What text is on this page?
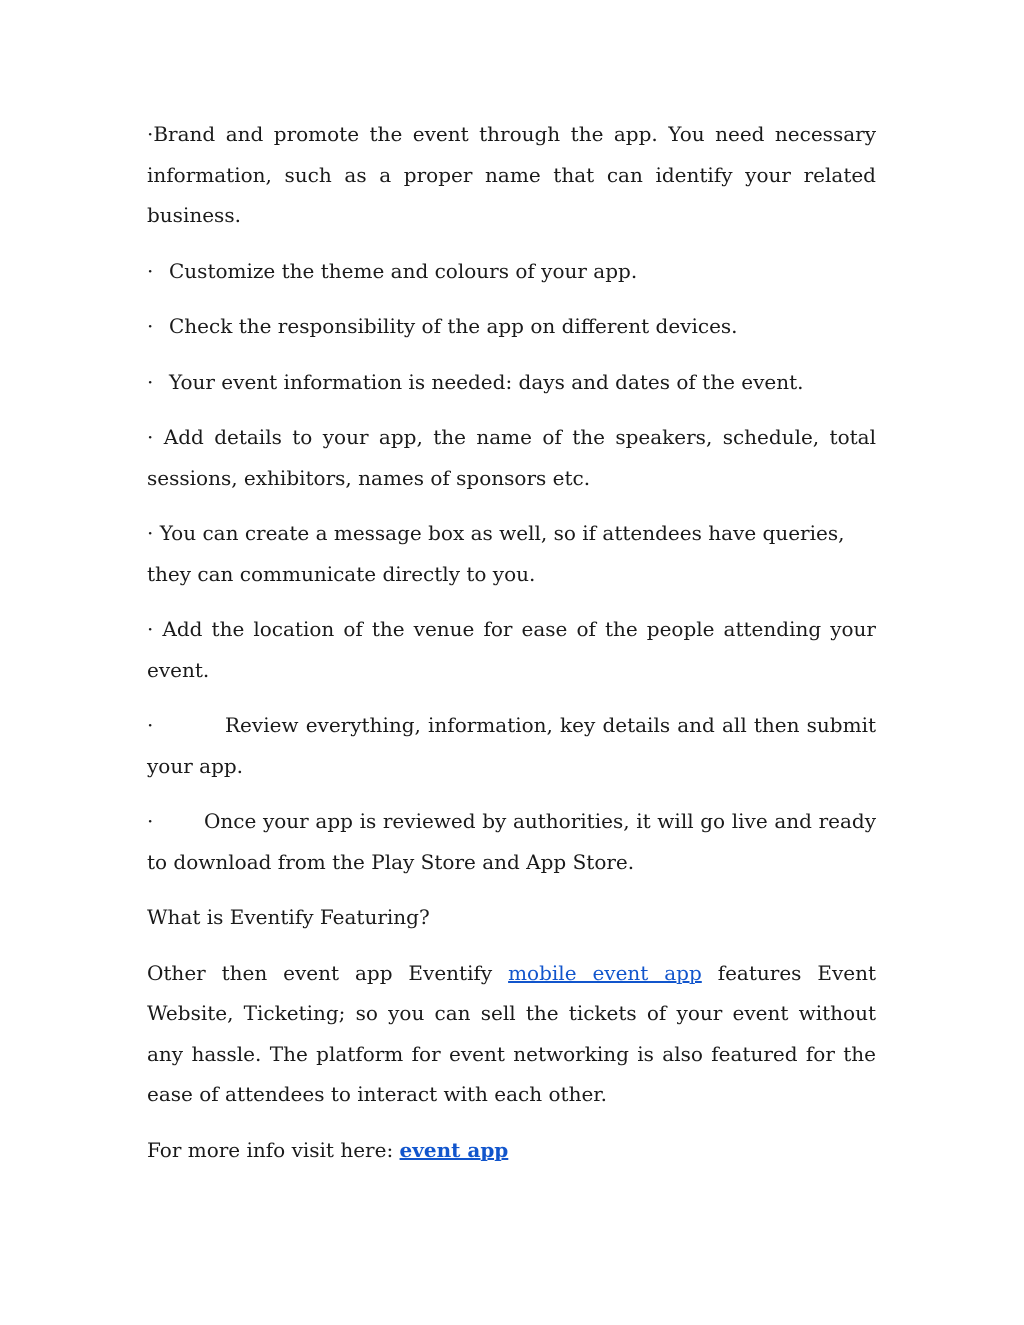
·Brand and promote the event through the app. You need necessary information, such as a proper name that can identify your related business.

· Customize the theme and colours of your app.

· Check the responsibility of the app on different devices.

· Your event information is needed: days and dates of the event.

· Add details to your app, the name of the speakers, schedule, total sessions, exhibitors, names of sponsors etc.

· You can create a message box as well, so if attendees have queries, they can communicate directly to you.

· Add the location of the venue for ease of the people attending your event.

·	Review everything, information, key details and all then submit your app.

·	Once your app is reviewed by authorities, it will go live and ready to download from the Play Store and App Store.

What is Eventify Featuring?

Other then event app Eventify mobile event app features Event Website, Ticketing; so you can sell the tickets of your event without any hassle. The platform for event networking is also featured for the ease of attendees to interact with each other.

For more info visit here: event app
